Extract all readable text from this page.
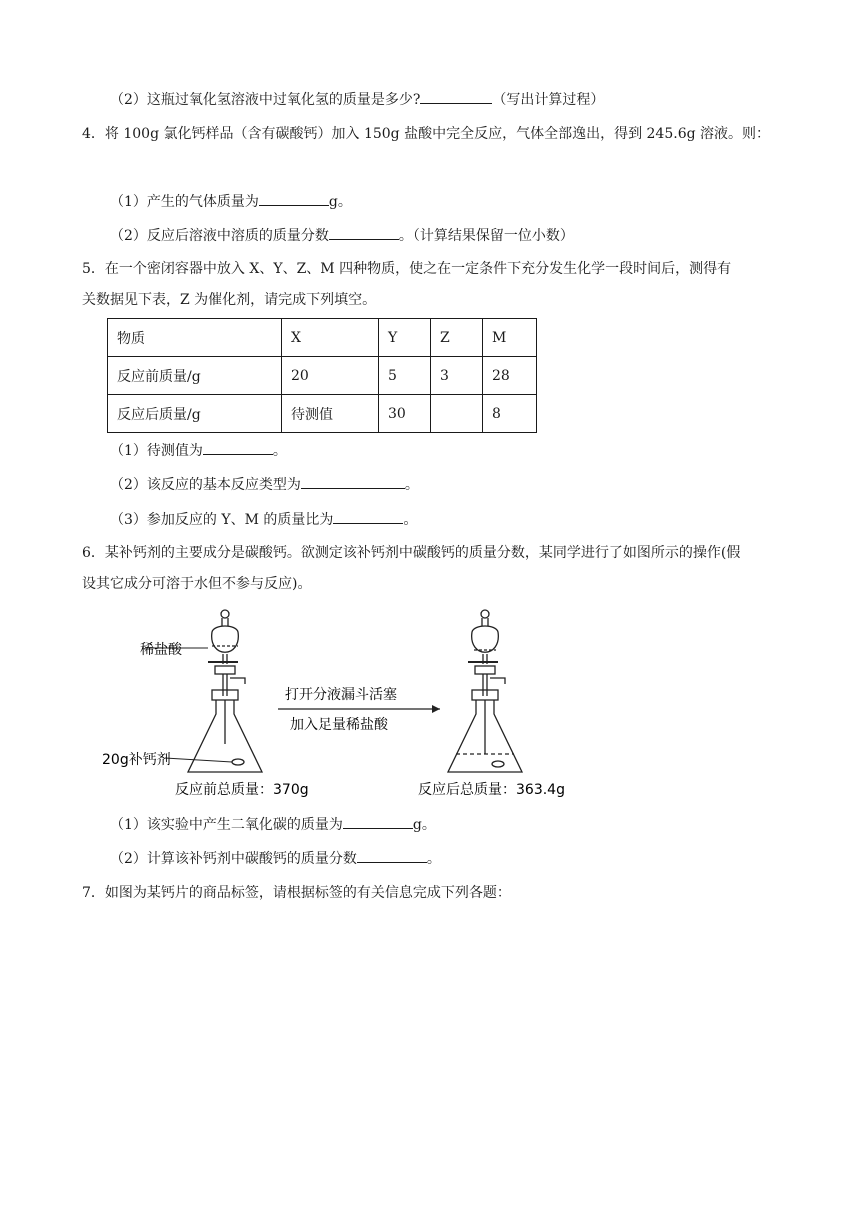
（2）这瓶过氧化氢溶液中过氧化氢的质量是多少?	（写出计算过程）
4．将 100g 氯化钙样品（含有碳酸钙）加入 150g 盐酸中完全反应，气体全部逸出，得到 245.6g 溶液。则：
（1）产生的气体质量为	g。
（2）反应后溶液中溶质的质量分数	。（计算结果保留一位小数）
5．在一个密闭容器中放入 X、Y、Z、M 四种物质，使之在一定条件下充分发生化学一段时间后，测得有
关数据见下表，Z 为催化剂，请完成下列填空。
物质	X	Y	Z	M
反应前质量/g	20	5	3	28
反应后质量/g	待测值	30		8
（1）待测值为	。
（2）该反应的基本反应类型为	。
（3）参加反应的 Y、M 的质量比为	。
6．某补钙剂的主要成分是碳酸钙。欲测定该补钙剂中碳酸钙的质量分数，某同学进行了如图所示的操作(假
设其它成分可溶于水但不参与反应)。
稀盐酸
20g补钙剂
反应前总质量：370g
打开分液漏斗活塞
加入足量稀盐酸
反应后总质量：363.4g
（1）该实验中产生二氧化碳的质量为	g。
（2）计算该补钙剂中碳酸钙的质量分数	。
7．如图为某钙片的商品标签，请根据标签的有关信息完成下列各题：
